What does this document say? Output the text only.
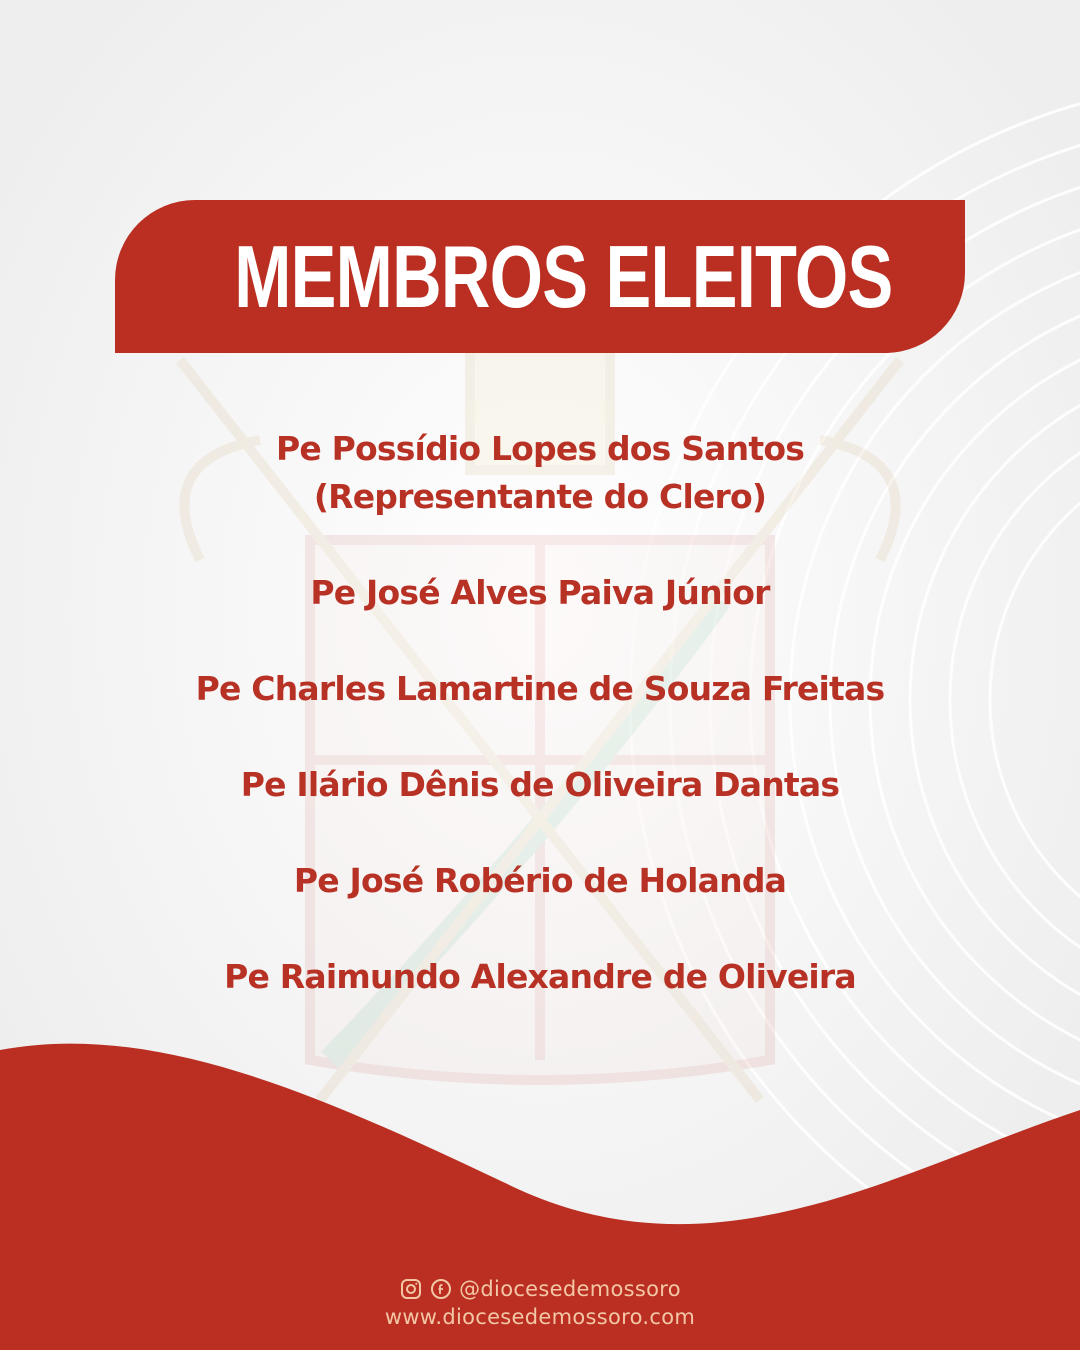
MEMBROS ELEITOS
Pe Possídio Lopes dos Santos
(Representante do Clero)
Pe José Alves Paiva Júnior
Pe Charles Lamartine de Souza Freitas
Pe Ilário Dênis de Oliveira Dantas
Pe José Robério de Holanda
Pe Raimundo Alexandre de Oliveira
@diocesedemossoro
www.diocesedemossoro.com
